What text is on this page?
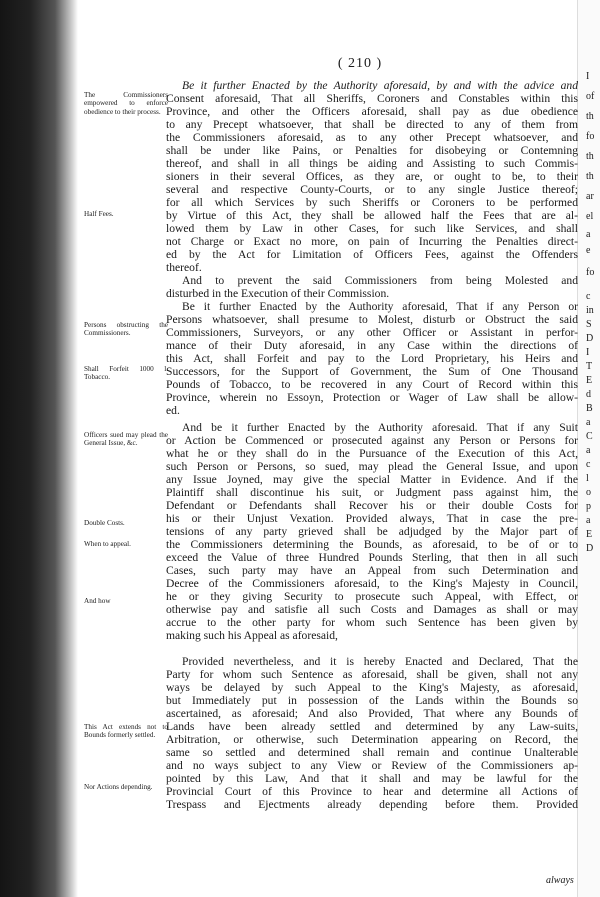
( 210 )
The Commissioners empowered to enforce obedience to their process.
Half Fees.
Persons obstructing the Commissioners.
Shall Forfeit 1000 l. Tobacco.
Officers sued may plead the General Issue, &c.
Double Costs.
When to appeal.
And how
This Act extends not to Bounds formerly settled.
Nor Actions depending.
Be it further Enacted by the Authority aforesaid, by and with the advice and
Consent aforesaid, That all Sheriffs, Coroners and Constables within this
Province, and other the Officers aforesaid, shall pay as due obedience
to any Precept whatsoever, that shall be directed to any of them from
the Commissioners aforesaid, as to any other Precept whatsoever, and
shall be under like Pains, or Penalties for disobeying or Contemning
thereof, and shall in all things be aiding and Assisting to such Commis-
sioners in their several Offices, as they are, or ought to be, to their
several and respective County-Courts, or to any single Justice thereof;
for all which Services by such Sheriffs or Coroners to be performed
by Virtue of this Act, they shall be allowed half the Fees that are al-
lowed them by Law in other Cases, for such like Services, and shall
not Charge or Exact no more, on pain of Incurring the Penalties direct-
ed by the Act for Limitation of Officers Fees, against the Offenders
thereof.
And to prevent the said Commissioners from being Molested and
disturbed in the Execution of their Commission.
Be it further Enacted by the Authority aforesaid, That if any Person or
Persons whatsoever, shall presume to Molest, disturb or Obstruct the said
Commissioners, Surveyors, or any other Officer or Assistant in perfor-
mance of their Duty aforesaid, in any Case within the directions of
this Act, shall Forfeit and pay to the Lord Proprietary, his Heirs and
Successors, for the Support of Government, the Sum of One Thousand
Pounds of Tobacco, to be recovered in any Court of Record within this
Province, wherein no Essoyn, Protection or Wager of Law shall be allow-
ed.
And be it further Enacted by the Authority aforesaid. That if any Suit
or Action be Commenced or prosecuted against any Person or Persons for
what he or they shall do in the Pursuance of the Execution of this Act,
such Person or Persons, so sued, may plead the General Issue, and upon
any Issue Joyned, may give the special Matter in Evidence. And if the
Plaintiff shall discontinue his suit, or Judgment pass against him, the
Defendant or Defendants shall Recover his or their double Costs for
his or their Unjust Vexation. Provided always, That in case the pre-
tensions of any party grieved shall be adjudged by the Major part of
the Commissioners determining the Bounds, as aforesaid, to be of or to
exceed the Value of three Hundred Pounds Sterling, that then in all such
Cases, such party may have an Appeal from such Determination and
Decree of the Commissioners aforesaid, to the King's Majesty in Council,
he or they giving Security to prosecute such Appeal, with Effect, or
otherwise pay and satisfie all such Costs and Damages as shall or may
accrue to the other party for whom such Sentence has been given by
making such his Appeal as aforesaid,
Provided nevertheless, and it is hereby Enacted and Declared, That the
Party for whom such Sentence as aforesaid, shall be given, shall not any
ways be delayed by such Appeal to the King's Majesty, as aforesaid,
but Immediately put in possession of the Lands within the Bounds so
ascertained, as aforesaid; And also Provided, That where any Bounds of
Lands have been already settled and determined by any Law-suits,
Arbitration, or otherwise, such Determination appearing on Record, the
same so settled and determined shall remain and continue Unalterable
and no ways subject to any View or Review of the Commissioners ap-
pointed by this Law, And that it shall and may be lawful for the
Provincial Court of this Province to hear and determine all Actions of
Trespass and Ejectments already depending before them. Provided
always
I
of
th
fo
th
th
ar
el
a
e
fo
c
in
S
D
I
T
E
d
B
a
C
a
c
l
o
p
a
E
D
